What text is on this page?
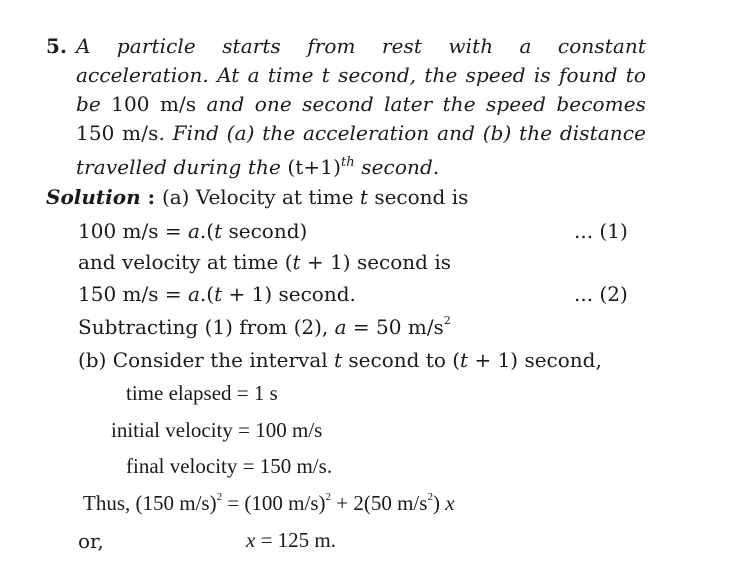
5. A particle starts from rest with a constant acceleration. At a time t second, the speed is found to be 100 m/s and one second later the speed becomes 150 m/s. Find (a) the acceleration and (b) the distance travelled during the $(t+1)^{th}$ second.
Solution : (a) Velocity at time t second is
100 m/s = a.(t second)	... (1)
and velocity at time (t + 1) second is
150 m/s = a.(t + 1) second.	... (2)
Subtracting (1) from (2), a = 50 $m/s^2$
(b) Consider the interval t second to (t + 1) second,
time elapsed = 1 s
initial velocity = 100 m/s
final velocity = 150 m/s.
Thus, (150 m/s)$^2$ = (100 m/s)$^2$ + 2(50 $m/s^2$) x
or,	x = 125 m.
